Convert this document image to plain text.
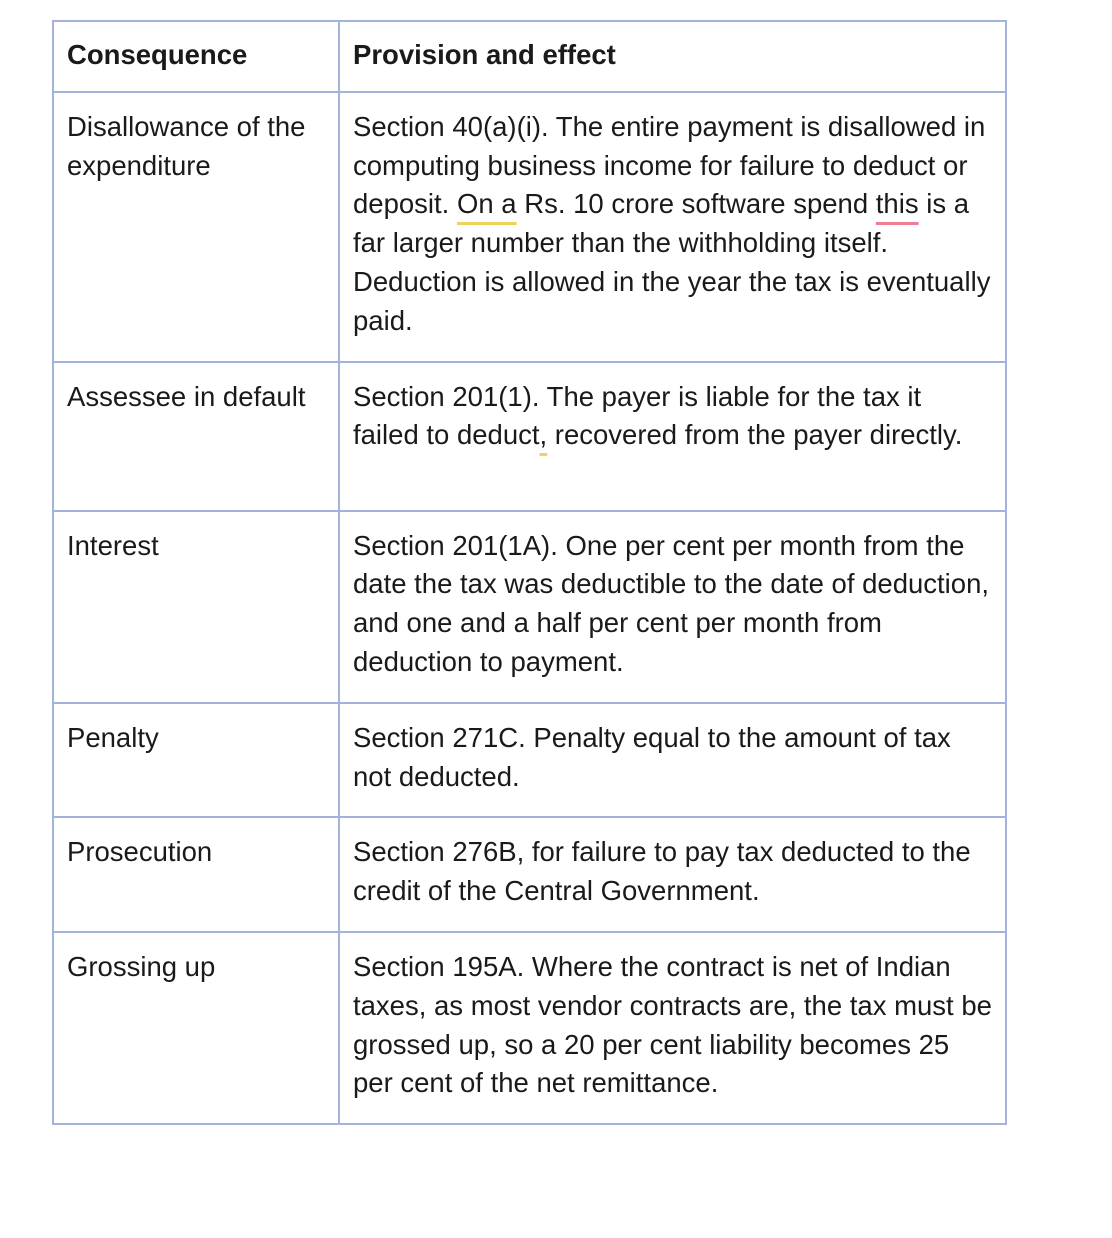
Consequence	Provision and effect
Disallowance of the expenditure	Section 40(a)(i). The entire payment is disallowed in computing business income for failure to deduct or deposit. On a Rs. 10 crore software spend this is a far larger number than the withholding itself. Deduction is allowed in the year the tax is eventually paid.
Assessee in default	Section 201(1). The payer is liable for the tax it failed to deduct, recovered from the payer directly.
Interest	Section 201(1A). One per cent per month from the date the tax was deductible to the date of deduction, and one and a half per cent per month from deduction to payment.
Penalty	Section 271C. Penalty equal to the amount of tax not deducted.
Prosecution	Section 276B, for failure to pay tax deducted to the credit of the Central Government.
Grossing up	Section 195A. Where the contract is net of Indian taxes, as most vendor contracts are, the tax must be grossed up, so a 20 per cent liability becomes 25 per cent of the net remittance.
